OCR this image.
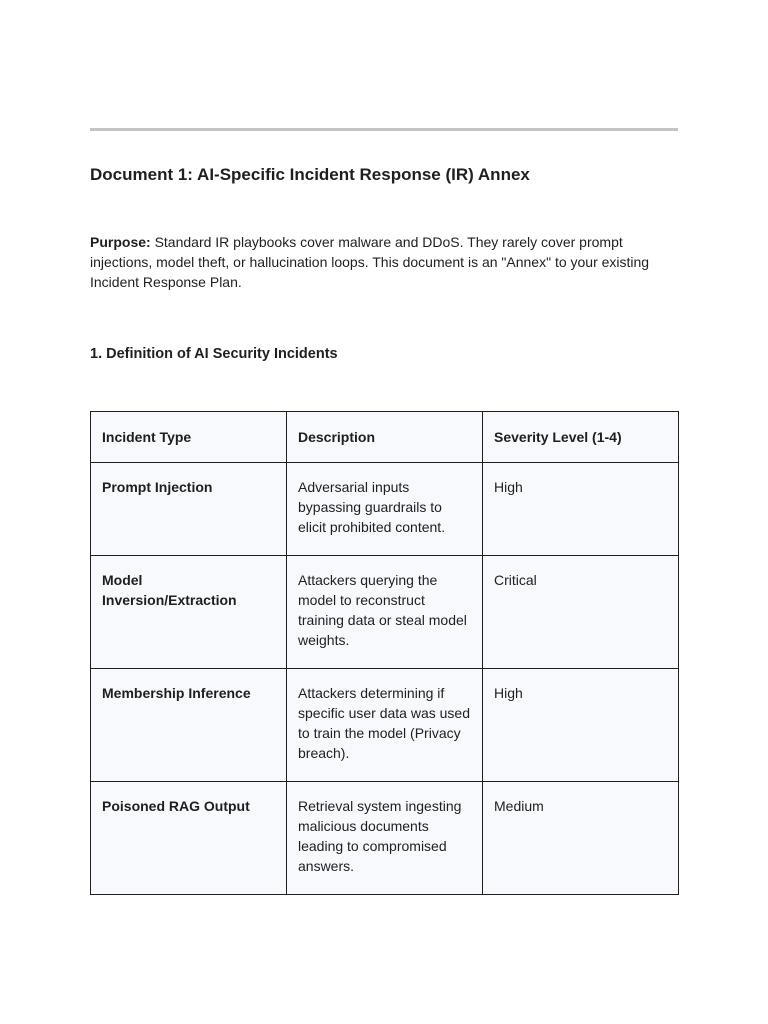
Document 1: AI-Specific Incident Response (IR) Annex

Purpose: Standard IR playbooks cover malware and DDoS. They rarely cover prompt injections, model theft, or hallucination loops. This document is an "Annex" to your existing Incident Response Plan.

1. Definition of AI Security Incidents
Incident Type	Description	Severity Level (1-4)
Prompt Injection	Adversarial inputs bypassing guardrails to elicit prohibited content.	High
Model Inversion/Extraction	Attackers querying the model to reconstruct training data or steal model weights.	Critical
Membership Inference	Attackers determining if specific user data was used to train the model (Privacy breach).	High
Poisoned RAG Output	Retrieval system ingesting malicious documents leading to compromised answers.	Medium
